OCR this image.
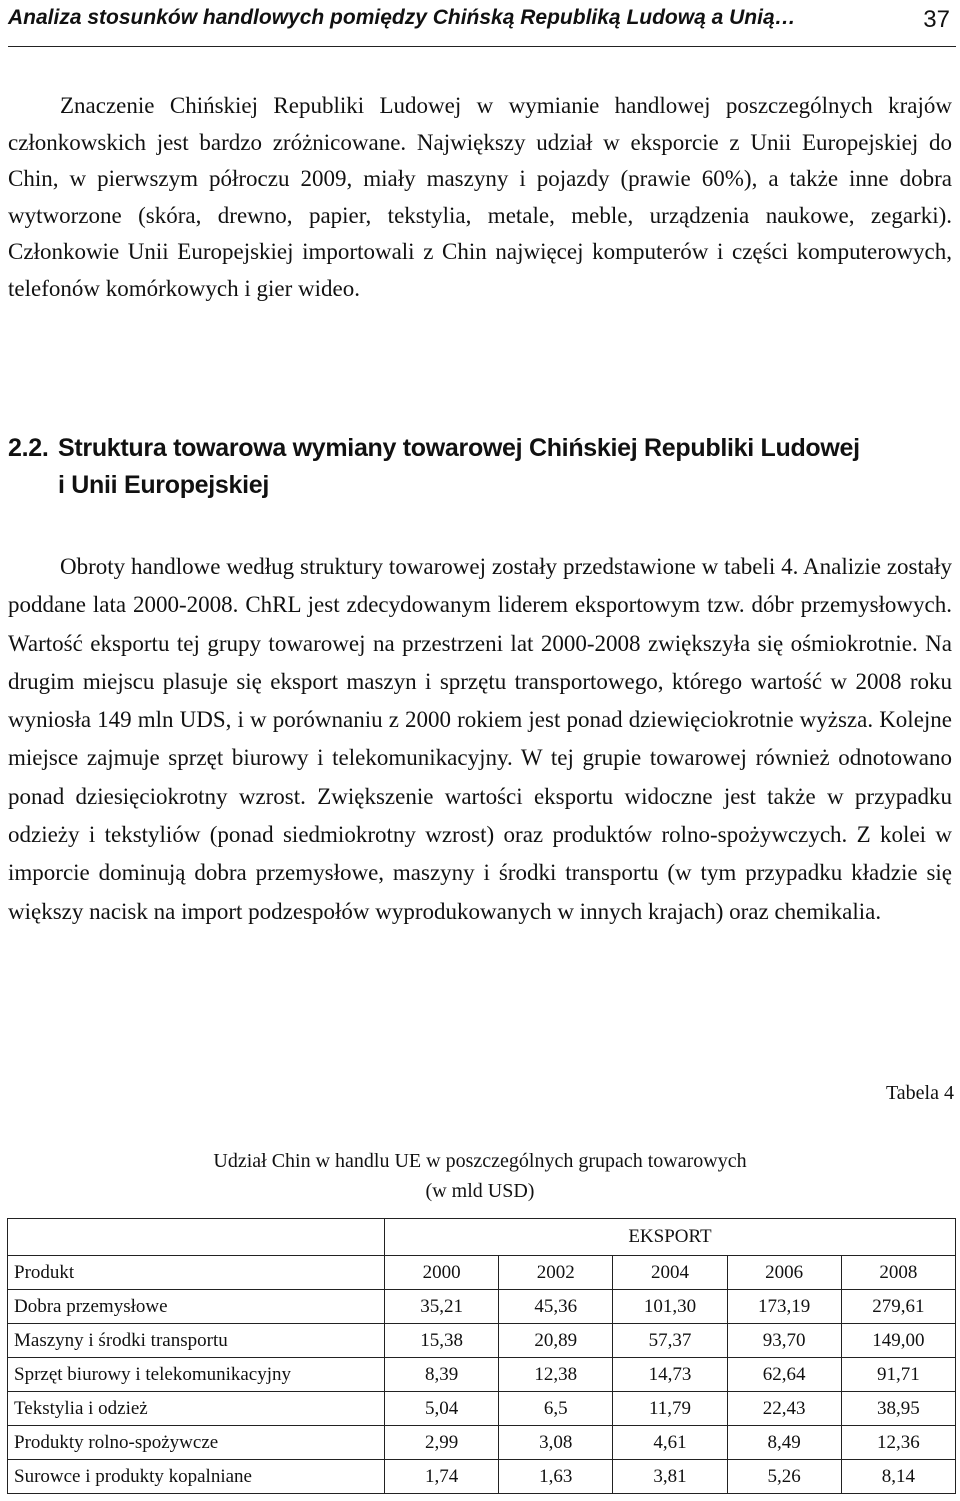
Analiza stosunków handlowych pomiędzy Chińską Republiką Ludową a Unią…	37

Znaczenie Chińskiej Republiki Ludowej w wymianie handlowej poszczególnych krajów członkowskich jest bardzo zróżnicowane. Największy udział w eksporcie z Unii Europejskiej do Chin, w pierwszym półroczu 2009, miały maszyny i pojazdy (prawie 60%), a także inne dobra wytworzone (skóra, drewno, papier, tekstylia, metale, meble, urządzenia naukowe, zegarki). Członkowie Unii Europejskiej importowali z Chin najwięcej komputerów i części komputerowych, telefonów komórkowych i gier wideo.

2.2. Struktura towarowa wymiany towarowej Chińskiej Republiki Ludowej
i Unii Europejskiej

Obroty handlowe według struktury towarowej zostały przedstawione w tabeli 4. Analizie zostały poddane lata 2000-2008. ChRL jest zdecydowanym liderem eksportowym tzw. dóbr przemysłowych. Wartość eksportu tej grupy towarowej na przestrzeni lat 2000-2008 zwiększyła się ośmiokrotnie. Na drugim miejscu plasuje się eksport maszyn i sprzętu transportowego, którego wartość w 2008 roku wyniosła 149 mln UDS, i w porównaniu z 2000 rokiem jest ponad dziewięciokrotnie wyższa. Kolejne miejsce zajmuje sprzęt biurowy i telekomunikacyjny. W tej grupie towarowej również odnotowano ponad dziesięciokrotny wzrost. Zwiększenie wartości eksportu widoczne jest także w przypadku odzieży i tekstyliów (ponad siedmiokrotny wzrost) oraz produktów rolno-spożywczych. Z kolei w imporcie dominują dobra przemysłowe, maszyny i środki transportu (w tym przypadku kładzie się większy nacisk na import podzespołów wyprodukowanych w innych krajach) oraz chemikalia.

Tabela 4
Udział Chin w handlu UE w poszczególnych grupach towarowych
(w mld USD)
	EKSPORT				
Produkt	2000	2002	2004	2006	2008
Dobra przemysłowe	35,21	45,36	101,30	173,19	279,61
Maszyny i środki transportu	15,38	20,89	57,37	93,70	149,00
Sprzęt biurowy i telekomunikacyjny	8,39	12,38	14,73	62,64	91,71
Tekstylia i odzież	5,04	6,5	11,79	22,43	38,95
Produkty rolno-spożywcze	2,99	3,08	4,61	8,49	12,36
Surowce i produkty kopalniane	1,74	1,63	3,81	5,26	8,14
